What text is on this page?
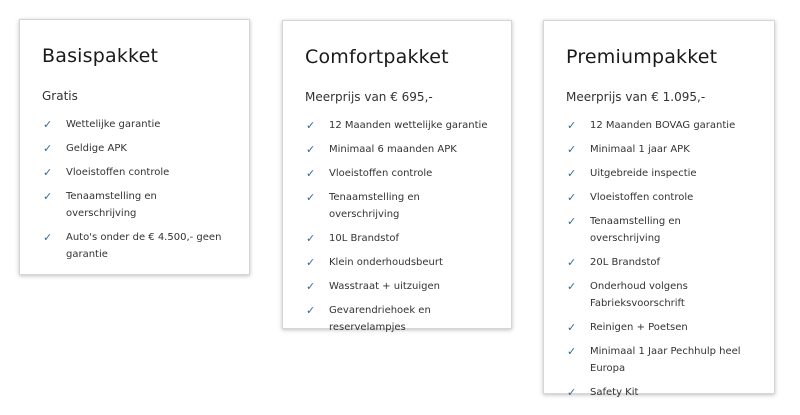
Basispakket
Gratis
✓	Wettelijke garantie
✓	Geldige APK
✓	Vloeistoffen controle
✓	Tenaamstelling en overschrijving
✓	Auto's onder de € 4.500,- geen garantie
Comfortpakket
Meerprijs van € 695,-
✓	12 Maanden wettelijke garantie
✓	Minimaal 6 maanden APK
✓	Vloeistoffen controle
✓	Tenaamstelling en overschrijving
✓	10L Brandstof
✓	Klein onderhoudsbeurt
✓	Wasstraat + uitzuigen
✓	Gevarendriehoek en reservelampjes
Premiumpakket
Meerprijs van € 1.095,-
✓	12 Maanden BOVAG garantie
✓	Minimaal 1 jaar APK
✓	Uitgebreide inspectie
✓	Vloeistoffen controle
✓	Tenaamstelling en overschrijving
✓	20L Brandstof
✓	Onderhoud volgens Fabrieksvoorschrift
✓	Reinigen + Poetsen
✓	Minimaal 1 Jaar Pechhulp heel Europa
✓	Safety Kit
